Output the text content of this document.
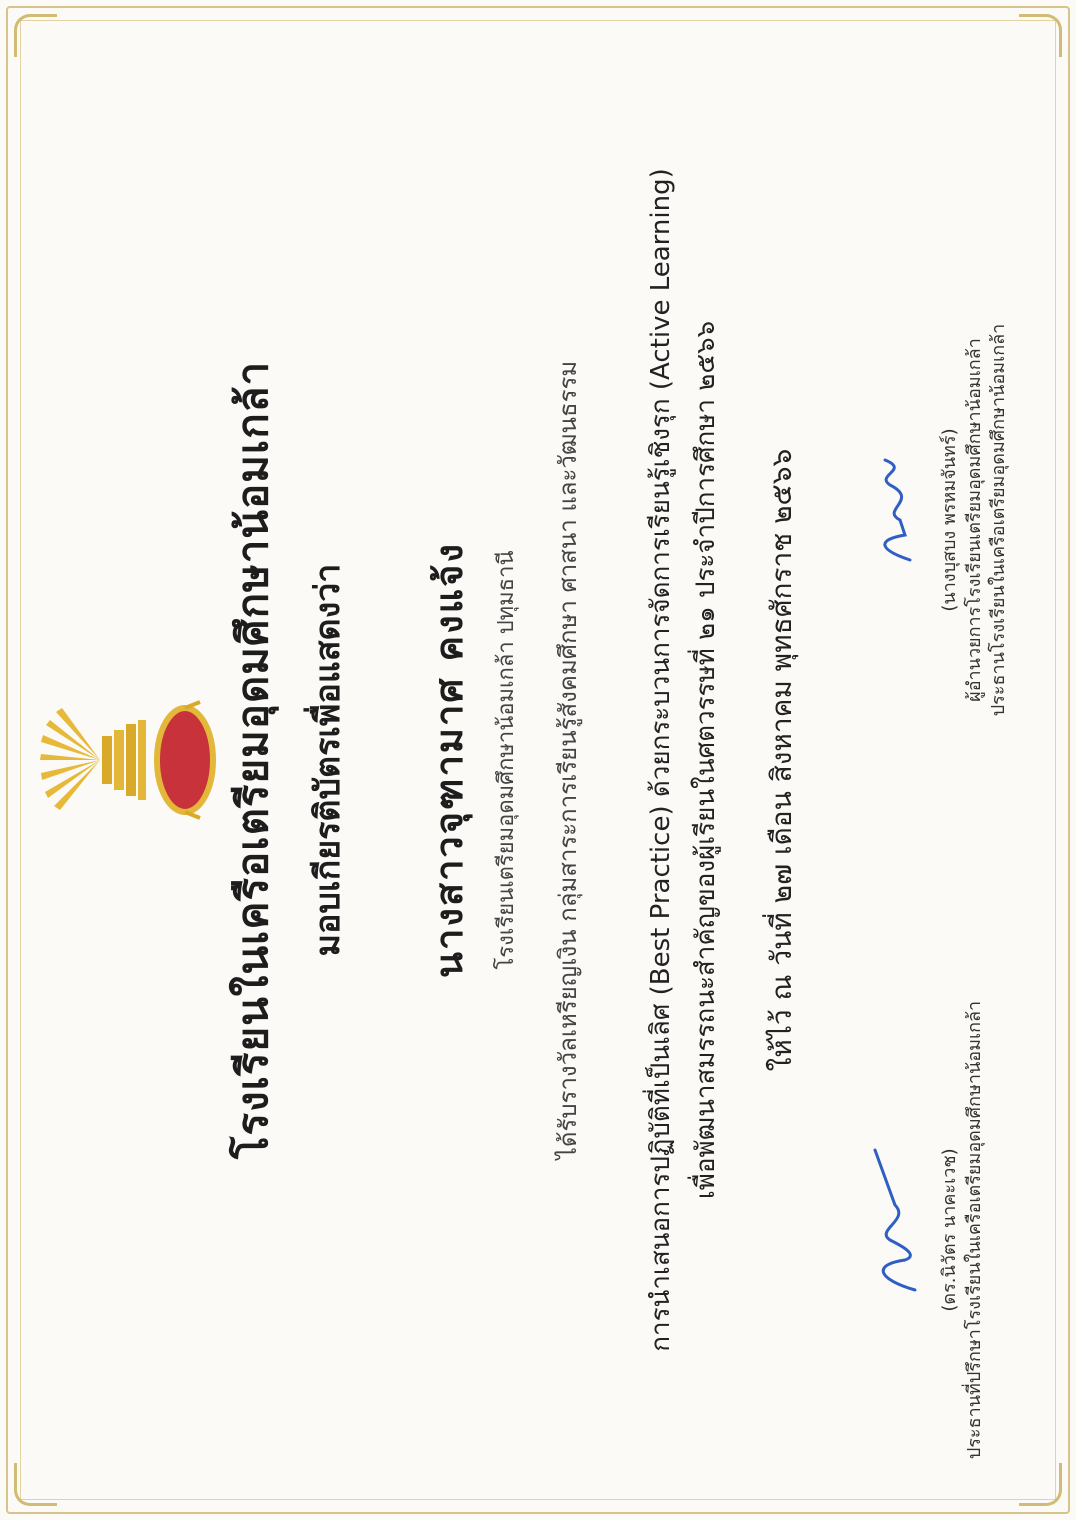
โรงเรียนในเครือเตรียมอุดมศึกษาน้อมเกล้า มอบเกียรติบัตรเพื่อแสดงว่า นางสาวจุฑามาศ คงแจ้ง	โรงเรียนเตรียมอุดมศึกษาน้อมเกล้า ปทุมธานี ได้รับรางวัลเหรียญเงิน กลุ่มสาระการเรียนรู้สังคมศึกษา ศาสนา และวัฒนธรรม การนำเสนอการปฏิบัติที่เป็นเลิศ (Best Practice) ด้วยกระบวนการจัดการเรียนรู้เชิงรุก (Active Learning) เพื่อพัฒนาสมรรถนะสำคัญของผู้เรียนในศตวรรษที่ ๒๑ ประจำปีการศึกษา ๒๕๖๖ ให้ไว้ ณ วันที่ ๒๗ เดือน สิงหาคม พุทธศักราช ๒๕๖๖
(ดร.นิวัตร นาคะเวช) ประธานที่ปรึกษาโรงเรียนในเครือเตรียมอุดมศึกษาน้อมเกล้า
(นางบุสบง พรหมจันทร์) ผู้อำนวยการโรงเรียนเตรียมอุดมศึกษาน้อมเกล้า ประธานโรงเรียนในเครือเตรียมอุดมศึกษาน้อมเกล้า
